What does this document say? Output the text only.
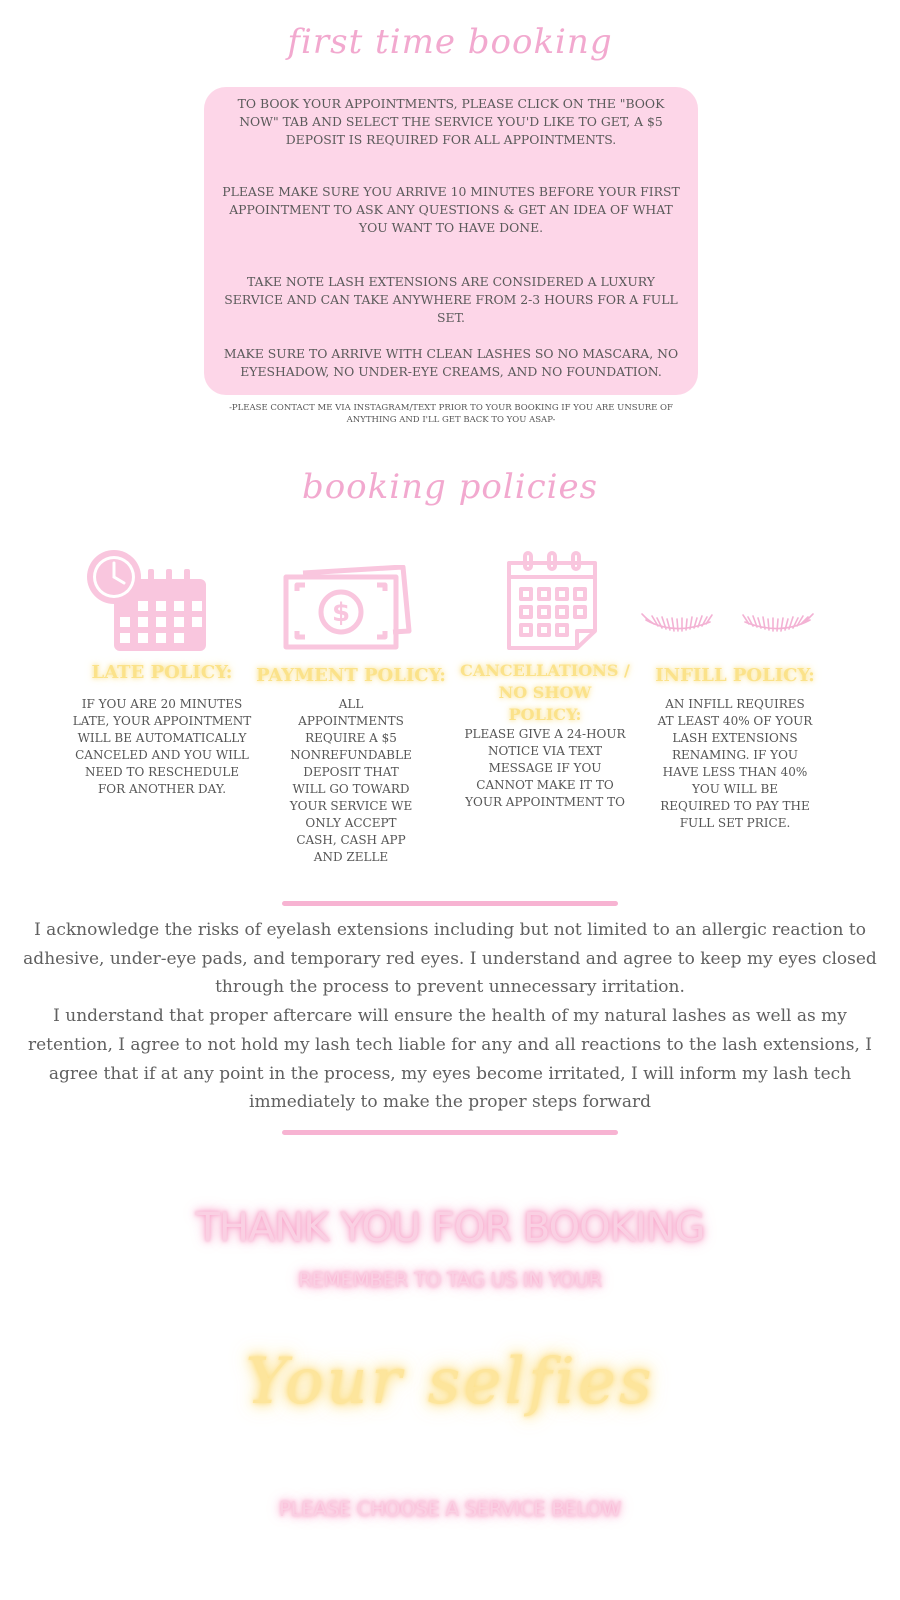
first time booking
TO BOOK YOUR APPOINTMENTS, PLEASE CLICK ON THE "BOOK NOW" TAB AND SELECT THE SERVICE YOU'D LIKE TO GET, A $5 DEPOSIT IS REQUIRED FOR ALL APPOINTMENTS.
PLEASE MAKE SURE YOU ARRIVE 10 MINUTES BEFORE YOUR FIRST APPOINTMENT TO ASK ANY QUESTIONS & GET AN IDEA OF WHAT YOU WANT TO HAVE DONE.
TAKE NOTE LASH EXTENSIONS ARE CONSIDERED A LUXURY SERVICE AND CAN TAKE ANYWHERE FROM 2-3 HOURS FOR A FULL SET.
MAKE SURE TO ARRIVE WITH CLEAN LASHES SO NO MASCARA, NO EYESHADOW, NO UNDER-EYE CREAMS, AND NO FOUNDATION.
-PLEASE CONTACT ME VIA INSTAGRAM/TEXT PRIOR TO YOUR BOOKING IF YOU ARE UNSURE OF ANYTHING AND I'LL GET BACK TO YOU ASAP-
booking policies
$
LATE POLICY:
IF YOU ARE 20 MINUTES LATE, YOUR APPOINTMENT WILL BE AUTOMATICALLY CANCELED AND YOU WILL NEED TO RESCHEDULE FOR ANOTHER DAY.
PAYMENT POLICY:
ALL APPOINTMENTS REQUIRE A $5 NONREFUNDABLE DEPOSIT THAT WILL GO TOWARD YOUR SERVICE WE ONLY ACCEPT CASH, CASH APP AND ZELLE
CANCELLATIONS / NO SHOW POLICY:
PLEASE GIVE A 24-HOUR NOTICE VIA TEXT MESSAGE IF YOU CANNOT MAKE IT TO YOUR APPOINTMENT TO
INFILL POLICY:
AN INFILL REQUIRES AT LEAST 40% OF YOUR LASH EXTENSIONS RENAMING. IF YOU HAVE LESS THAN 40% YOU WILL BE REQUIRED TO PAY THE FULL SET PRICE.
I acknowledge the risks of eyelash extensions including but not limited to an allergic reaction to adhesive, under-eye pads, and temporary red eyes. I understand and agree to keep my eyes closed through the process to prevent unnecessary irritation.
I understand that proper aftercare will ensure the health of my natural lashes as well as my retention, I agree to not hold my lash tech liable for any and all reactions to the lash extensions, I agree that if at any point in the process, my eyes become irritated, I will inform my lash tech immediately to make the proper steps forward
THANK YOU FOR BOOKING
REMEMBER TO TAG US IN YOUR
Your selfies
PLEASE CHOOSE A SERVICE BELOW
